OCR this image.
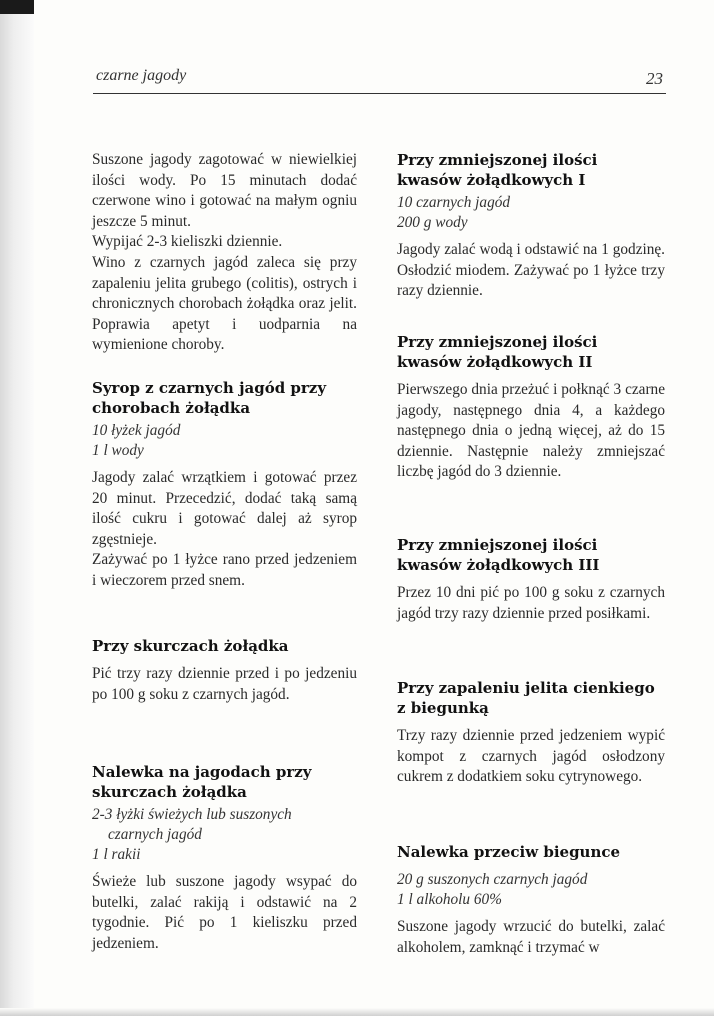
czarne jagody	23

Suszone jagody zagotować w niewielkiej ilości wody. Po 15 minutach dodać czerwone wino i gotować na małym ogniu jeszcze 5 minut.

Wypijać 2-3 kieliszki dziennie.

Wino z czarnych jagód zaleca się przy zapaleniu jelita grubego (colitis), ostrych i chronicznych chorobach żołądka oraz jelit. Poprawia apetyt i uodparnia na wymienione choroby.

Syrop z czarnych jagód przy chorobach żołądka
10 łyżek jagód
1 l wody

Jagody zalać wrzątkiem i gotować przez 20 minut. Przecedzić, dodać taką samą ilość cukru i gotować dalej aż syrop zgęstnieje.

Zażywać po 1 łyżce rano przed jedzeniem i wieczorem przed snem.

Przy skurczach żołądka

Pić trzy razy dziennie przed i po jedzeniu po 100 g soku z czarnych jagód.

Nalewka na jagodach przy skurczach żołądka
2-3 łyżki świeżych lub suszonych
czarnych jagód
1 l rakii

Świeże lub suszone jagody wsypać do butelki, zalać rakiją i odstawić na 2 tygodnie. Pić po 1 kieliszku przed jedzeniem.

Przy zmniejszonej ilości kwasów żołądkowych I
10 czarnych jagód
200 g wody

Jagody zalać wodą i odstawić na 1 godzinę. Osłodzić miodem. Zażywać po 1 łyżce trzy razy dziennie.

Przy zmniejszonej ilości kwasów żołądkowych II

Pierwszego dnia przeżuć i połknąć 3 czarne jagody, następnego dnia 4, a każdego następnego dnia o jedną więcej, aż do 15 dziennie. Następnie należy zmniejszać liczbę jagód do 3 dziennie.

Przy zmniejszonej ilości kwasów żołądkowych III

Przez 10 dni pić po 100 g soku z czarnych jagód trzy razy dziennie przed posiłkami.

Przy zapaleniu jelita cienkiego z biegunką

Trzy razy dziennie przed jedzeniem wypić kompot z czarnych jagód osłodzony cukrem z dodatkiem soku cytrynowego.

Nalewka przeciw biegunce
20 g suszonych czarnych jagód
1 l alkoholu 60%

Suszone jagody wrzucić do butelki, zalać alkoholem, zamknąć i trzymać w
